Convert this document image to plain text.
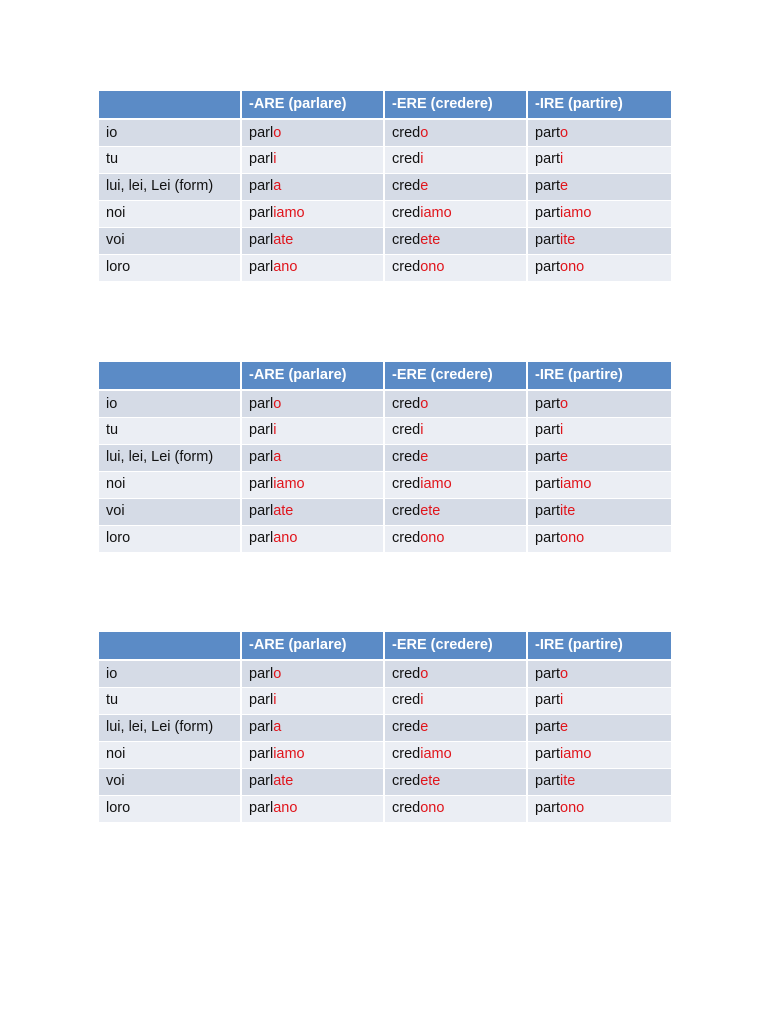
	-ARE (parlare)	-ERE (credere)	-IRE (partire)
io	parlo	credo	parto
tu	parli	credi	parti
lui, lei, Lei (form)	parla	crede	parte
noi	parliamo	crediamo	partiamo
voi	parlate	credete	partite
loro	parlano	credono	partono
	-ARE (parlare)	-ERE (credere)	-IRE (partire)
io	parlo	credo	parto
tu	parli	credi	parti
lui, lei, Lei (form)	parla	crede	parte
noi	parliamo	crediamo	partiamo
voi	parlate	credete	partite
loro	parlano	credono	partono
	-ARE (parlare)	-ERE (credere)	-IRE (partire)
io	parlo	credo	parto
tu	parli	credi	parti
lui, lei, Lei (form)	parla	crede	parte
noi	parliamo	crediamo	partiamo
voi	parlate	credete	partite
loro	parlano	credono	partono
